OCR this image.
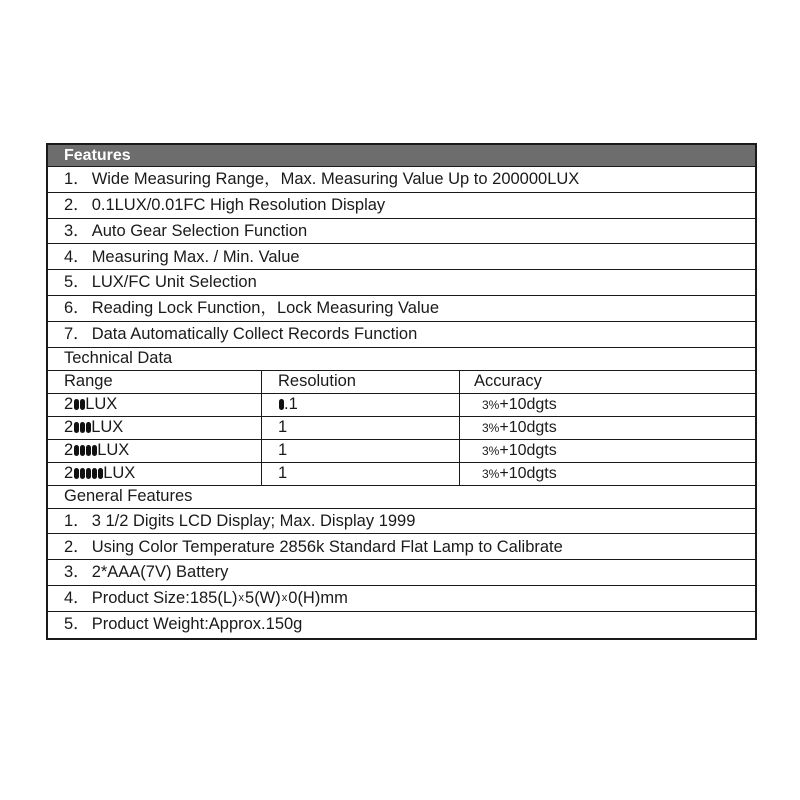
Features
1． Wide Measuring Range，Max. Measuring Value Up to 200000LUX
2． 0.1LUX/0.01FC High Resolution Display
3． Auto Gear Selection Function
4． Measuring Max. / Min. Value
5． LUX/FC Unit Selection
6． Reading Lock Function，Lock Measuring Value
7． Data Automatically Collect Records Function
Technical Data
Range	Resolution	Accuracy
2 LUX	.1	3% +10dgts
2 LUX	1	3% +10dgts
2 LUX	1	3% +10dgts
2 LUX	1	3% +10dgts
General Features
1． 3 1/2 Digits LCD Display; Max. Display 1999
2． Using Color Temperature 2856k Standard Flat Lamp to Calibrate
3． 2*AAA(7V) Battery
4． Product Size:185(L) x 5(W) x 0(H)mm
5． Product Weight:Approx.150g
